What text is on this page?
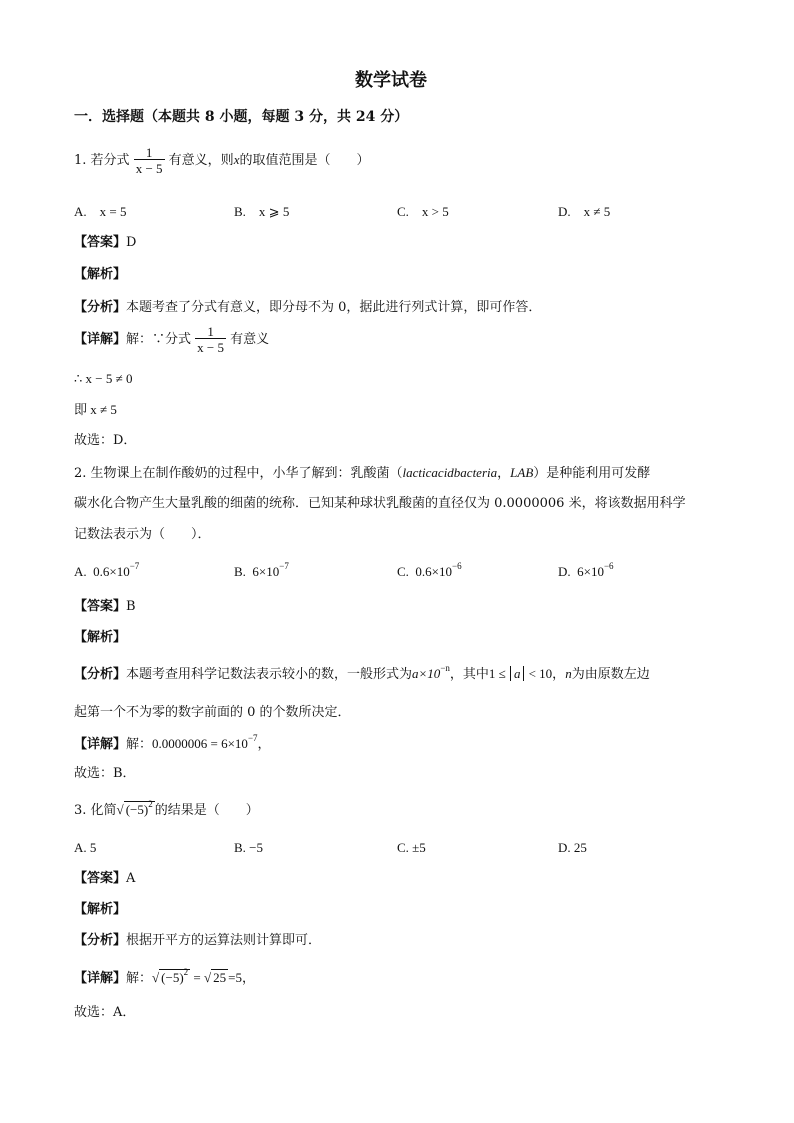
数学试卷
一．选择题（本题共 8 小题，每题 3 分，共 24 分）
1. 若分式 $\frac{1}{x - 5}$ 有意义，则x的取值范围是（　　）
A.　x = 5	B.　x ⩾ 5	C.　x > 5	D.　x ≠ 5
【答案】D
【解析】
【分析】本题考查了分式有意义，即分母不为 0，据此进行列式计算，即可作答．
【详解】解：∵分式 $\frac{1}{x - 5}$ 有意义
∴ x − 5 ≠ 0
即 x ≠ 5
故选：D．
2. 生物课上在制作酸奶的过程中，小华了解到：乳酸菌（lacticacidbacteria，LAB）是种能利用可发酵
碳水化合物产生大量乳酸的细菌的统称．已知某种球状乳酸菌的直径仅为 0.0000006 米，将该数据用科学
记数法表示为（　　）．
A. $0.6\times 10^{-7}$	B. $6\times 10^{-7}$	C. $0.6\times 10^{-6}$	D. $6\times 10^{-6}$
【答案】B
【解析】
【分析】本题考查用科学记数法表示较小的数，一般形式为$a\times 10^{-n}$，其中1 ≤ a < 10，n为由原数左边
起第一个不为零的数字前面的 0 的个数所决定．
【详解】解：$0.0000006 = 6\times 10^{-7}$，
故选：B．
3. 化简√ $(-5)^2$ 的结果是（　　）
A. 5	B. −5	C. ±5	D. 25
【答案】A
【解析】
【分析】根据开平方的运算法则计算即可．
【详解】解：√ $(-5)^2$ = √ 25 =5，
故选：A．
